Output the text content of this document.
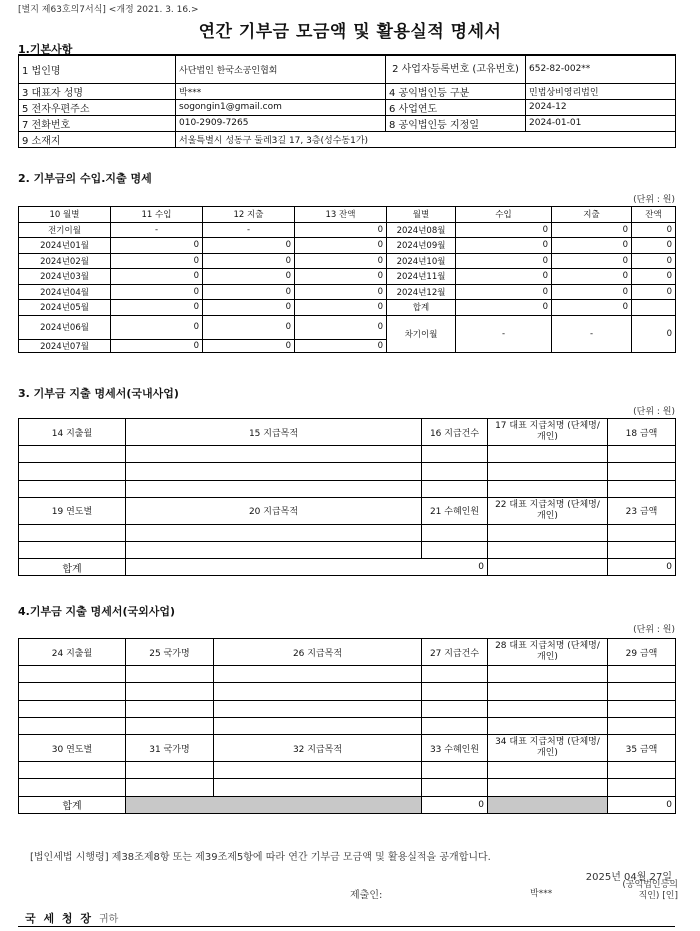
[별지 제63호의7서식] <개정 2021. 3. 16.>
연간 기부금 모금액 및 활용실적 명세서
1.기본사항
1 법인명	사단법인 한국소공인협회	2 사업자등록번호 (고유번호)	652-82-002**
3 대표자 성명	박***	4 공익법인등 구분	민법상비영리법인
5 전자우편주소	sogongin1@gmail.com	6 사업연도	2024-12
7 전화번호	010-2909-7265	8 공익법인등 지정일	2024-01-01
9 소재지	서울특별시 성동구 둘레3길 17, 3층(성수동1가)		
2. 기부금의 수입.지출 명세
(단위 : 원)
10 월별	11 수입	12 지출	13 잔액	월별	수입	지출	잔액
전기이월	-	-	0	2024년08월	0	0	0
2024년01월	0	0	0	2024년09월	0	0	0
2024년02월	0	0	0	2024년10월	0	0	0
2024년03월	0	0	0	2024년11월	0	0	0
2024년04월	0	0	0	2024년12월	0	0	0
2024년05월	0	0	0	합계	0	0	
2024년06월	0	0	0	차기이월	-	-	0
2024년07월	0	0	0				
3. 기부금 지출 명세서(국내사업)
(단위 : 원)
14 지출월	15 지급목적	16 지급건수	17 대표 지급처명 (단체명/개인)	18 금액

19 연도별	20 지급목적	21 수혜인원	22 대표 지급처명 (단체명/개인)	23 금액

합계	0			0
4.기부금 지출 명세서(국외사업)
(단위 : 원)
24 지출월	25 국가명	26 지급목적	27 지급건수	28 대표 지급처명 (단체명/개인)	29 금액

30 연도별	31 국가명	32 지급목적	33 수혜인원	34 대표 지급처명 (단체명/개인)	35 금액

합계			0		0
[법인세법 시행령] 제38조제8항 또는 제39조제5항에 따라 연간 기부금 모금액 및 활용실적을 공개합니다.
2025년 04월 27일
제출인:	박***
(공익법인등의 직인) [인]
국 세 청 장 귀하
